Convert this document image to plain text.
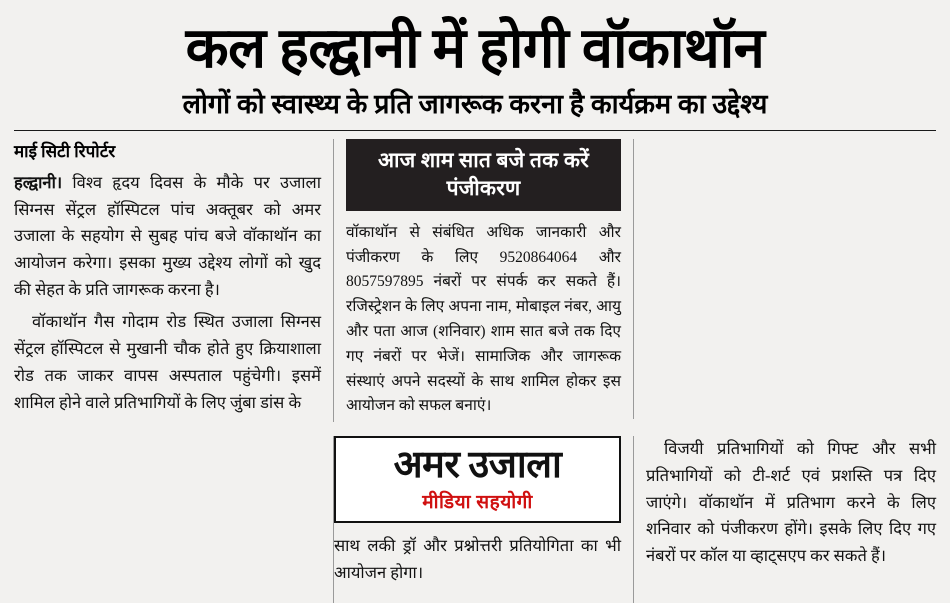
कल हल्द्वानी में होगी वॉकाथॉन
लोगों को स्वास्थ्य के प्रति जागरूक करना है कार्यक्रम का उद्देश्य
माई सिटी रिपोर्टर

हल्द्वानी। विश्व हृदय दिवस के मौके पर उजाला सिग्नस सेंट्रल हॉस्पिटल पांच अक्तूबर को अमर उजाला के सहयोग से सुबह पांच बजे वॉकाथॉन का आयोजन करेगा। इसका मुख्य उद्देश्य लोगों को खुद की सेहत के प्रति जागरूक करना है।

वॉकाथॉन गैस गोदाम रोड स्थित उजाला सिग्नस सेंट्रल हॉस्पिटल से मुखानी चौक होते हुए क्रियाशाला रोड तक जाकर वापस अस्पताल पहुंचेगी। इसमें शामिल होने वाले प्रतिभागियों के लिए जुंबा डांस के

आज शाम सात बजे तक करें पंजीकरण

वॉकाथॉन से संबंधित अधिक जानकारी और पंजीकरण के लिए 9520864064 और 8057597895 नंबरों पर संपर्क कर सकते हैं। रजिस्ट्रेशन के लिए अपना नाम, मोबाइल नंबर, आयु और पता आज (शनिवार) शाम सात बजे तक दिए गए नंबरों पर भेजें। सामाजिक और जागरूक संस्थाएं अपने सदस्यों के साथ शामिल होकर इस आयोजन को सफल बनाएं।

अमर उजाला
मीडिया सहयोगी

साथ लकी ड्रॉ और प्रश्नोत्तरी प्रतियोगिता का भी आयोजन होगा।

विजयी प्रतिभागियों को गिफ्ट और सभी प्रतिभागियों को टी-शर्ट एवं प्रशस्ति पत्र दिए जाएंगे। वॉकाथॉन में प्रतिभाग करने के लिए शनिवार को पंजीकरण होंगे। इसके लिए दिए गए नंबरों पर कॉल या व्हाट्सएप कर सकते हैं।
